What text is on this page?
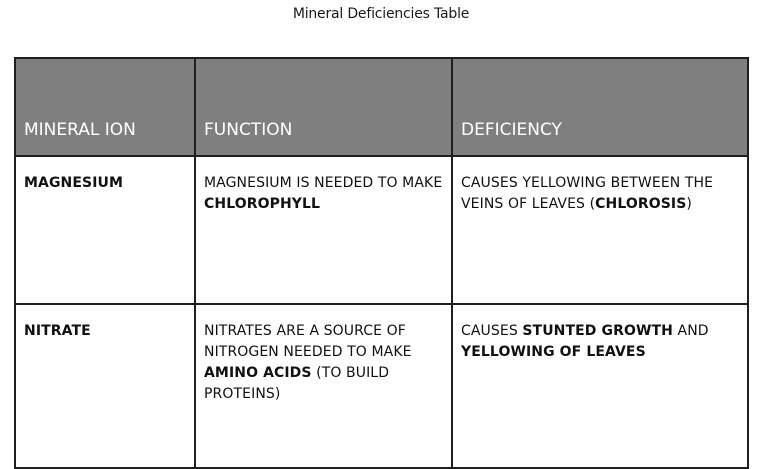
Mineral Deficiencies Table
MINERAL ION	FUNCTION	DEFICIENCY
MAGNESIUM	MAGNESIUM IS NEEDED TO MAKE CHLOROPHYLL	CAUSES YELLOWING BETWEEN THE VEINS OF LEAVES (CHLOROSIS)
NITRATE	NITRATES ARE A SOURCE OF NITROGEN NEEDED TO MAKE AMINO ACIDS (TO BUILD PROTEINS)	CAUSES STUNTED GROWTH AND YELLOWING OF LEAVES
